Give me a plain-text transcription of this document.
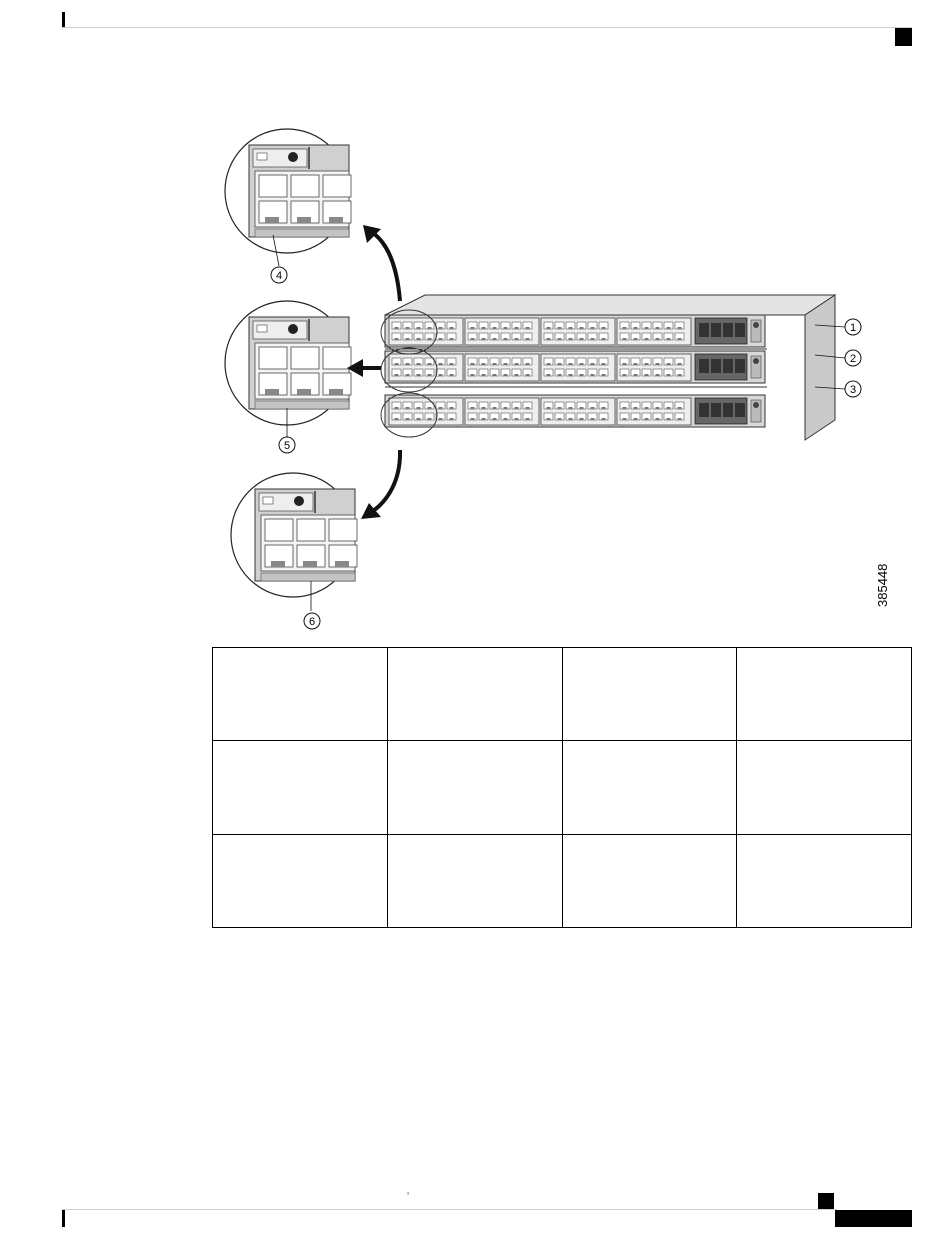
1
2
3
4
5
6
385448

’
